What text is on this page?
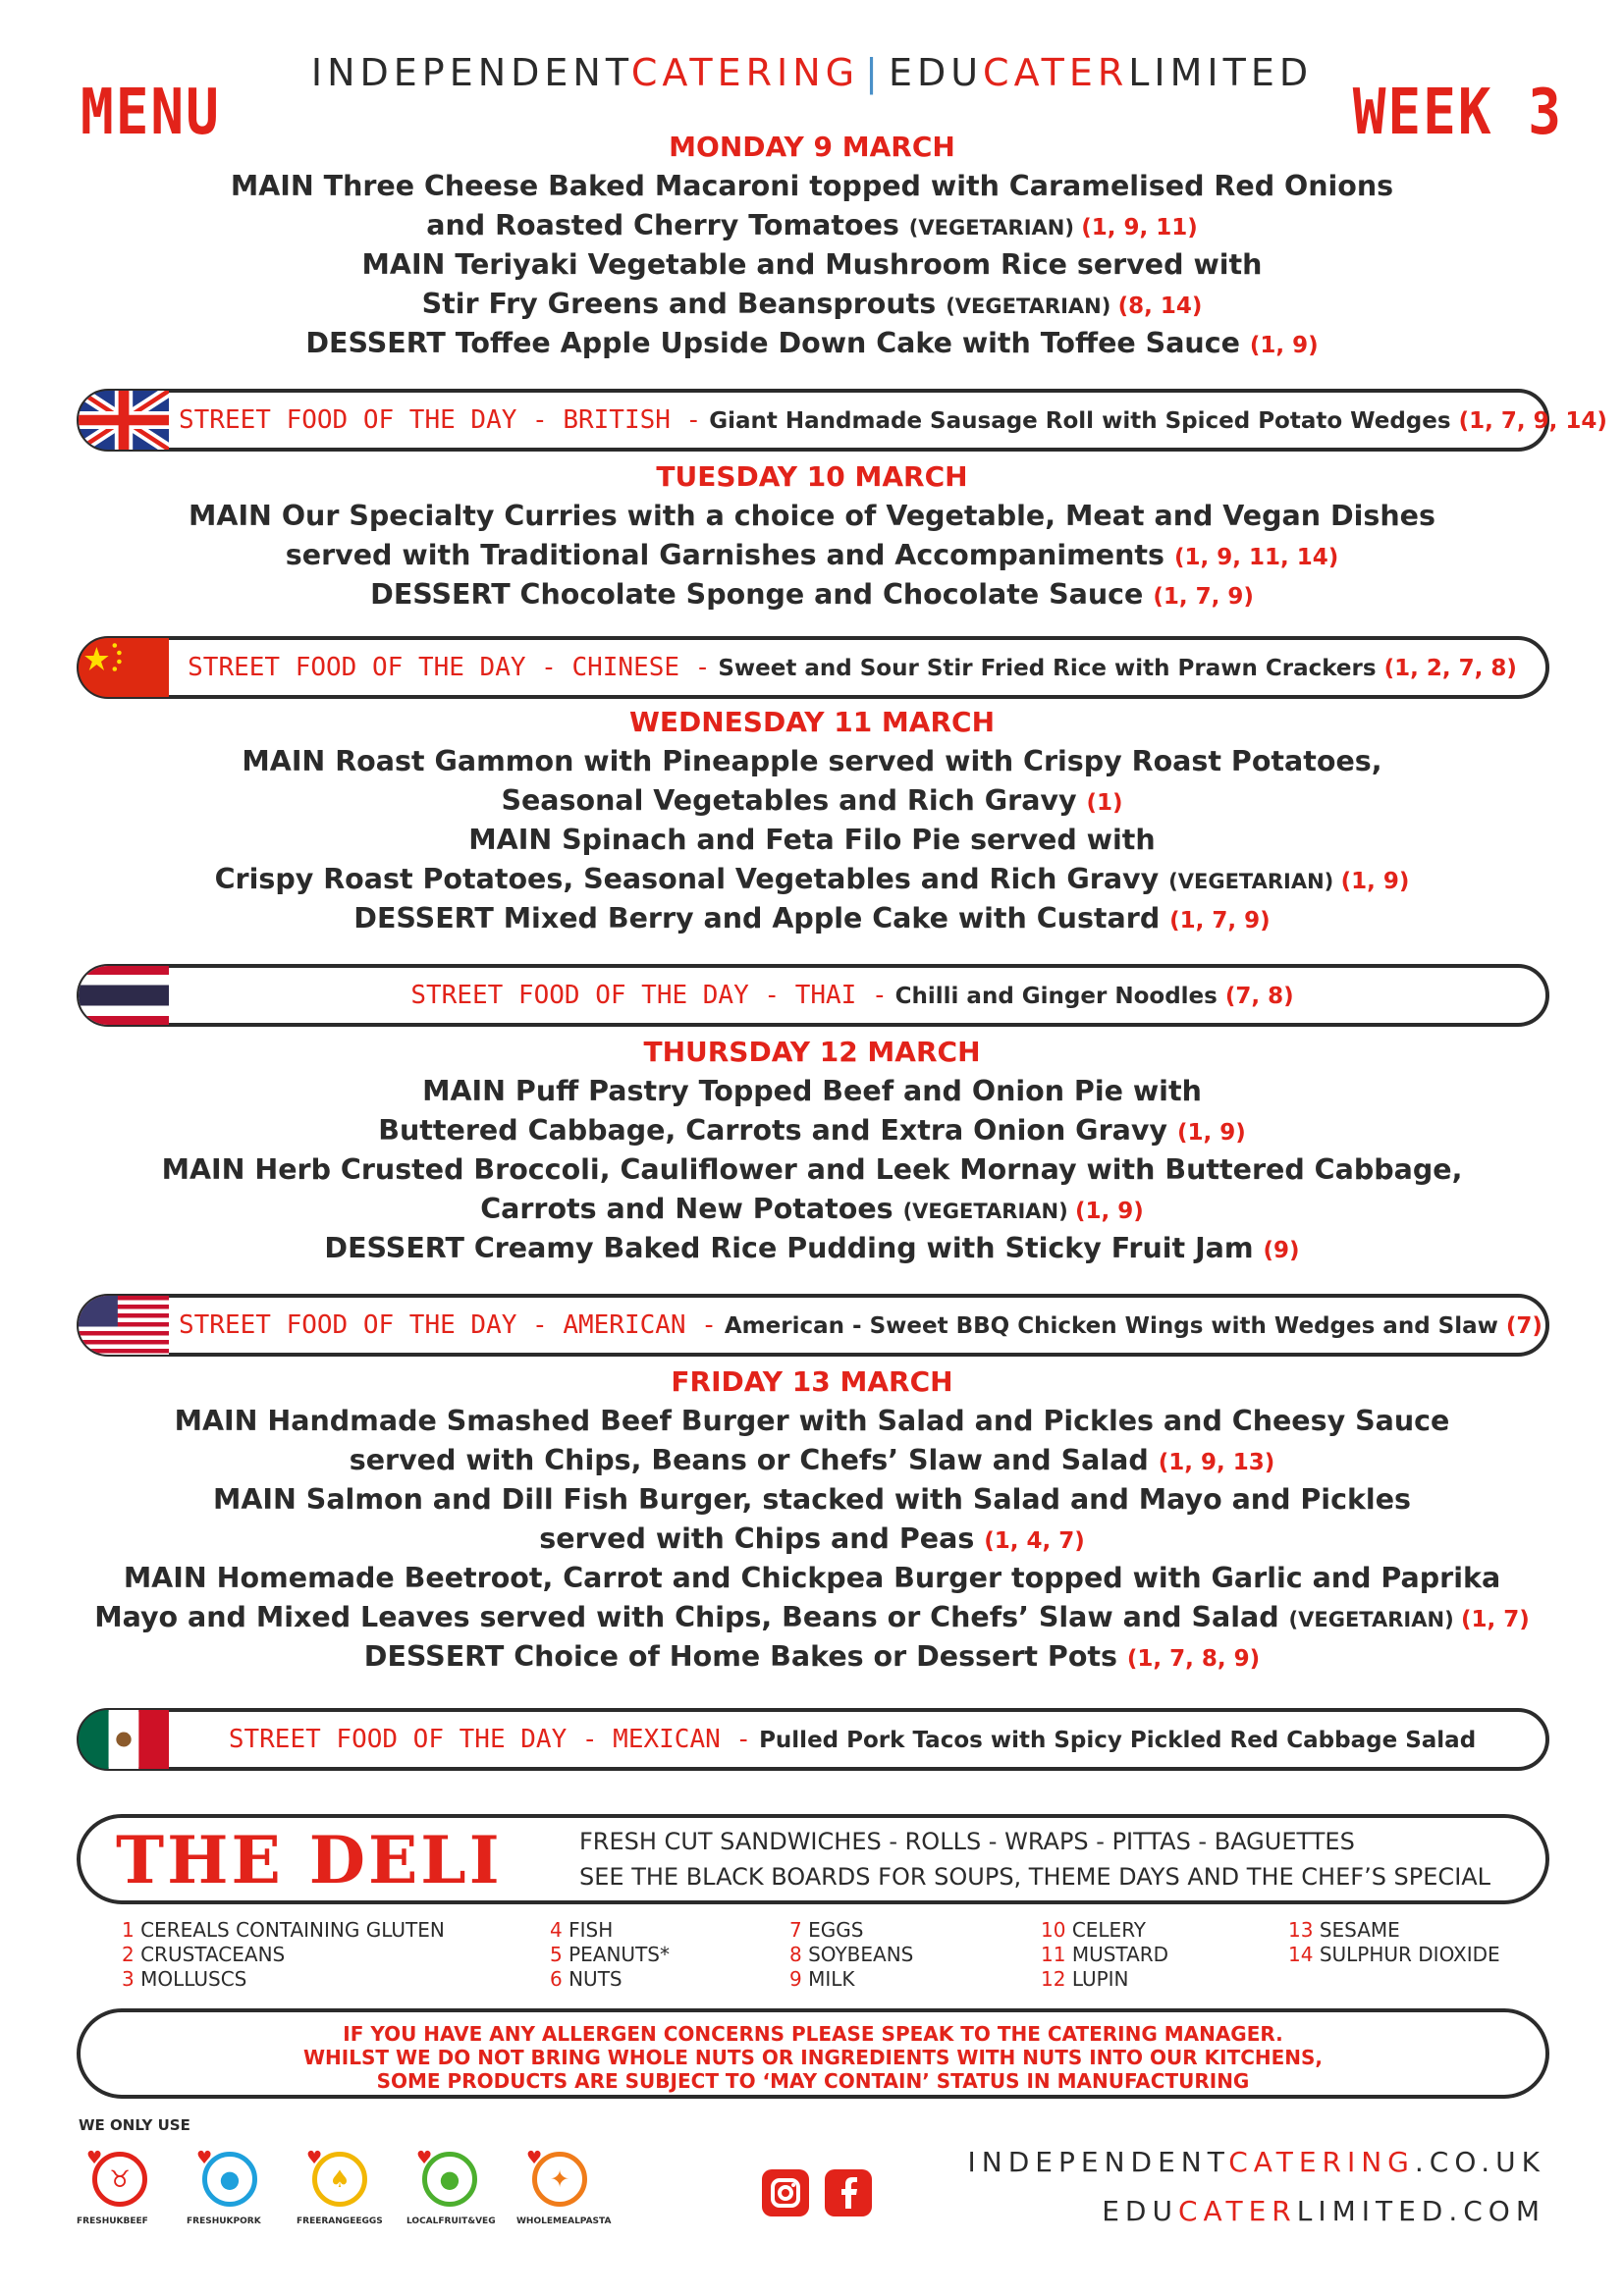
INDEPENDENTCATERING | EDUCATERLIMITED
MENU	WEEK 3
MONDAY 9 MARCH
MAIN Three Cheese Baked Macaroni topped with Caramelised Red Onions
and Roasted Cherry Tomatoes (VEGETARIAN) (1, 9, 11)
MAIN Teriyaki Vegetable and Mushroom Rice served with
Stir Fry Greens and Beansprouts (VEGETARIAN) (8, 14)
DESSERT Toffee Apple Upside Down Cake with Toffee Sauce (1, 9)
TUESDAY 10 MARCH
MAIN Our Specialty Curries with a choice of Vegetable, Meat and Vegan Dishes
served with Traditional Garnishes and Accompaniments (1, 9, 11, 14)
DESSERT Chocolate Sponge and Chocolate Sauce (1, 7, 9)
WEDNESDAY 11 MARCH
MAIN Roast Gammon with Pineapple served with Crispy Roast Potatoes,
Seasonal Vegetables and Rich Gravy (1)
MAIN Spinach and Feta Filo Pie served with
Crispy Roast Potatoes, Seasonal Vegetables and Rich Gravy (VEGETARIAN) (1, 9)
DESSERT Mixed Berry and Apple Cake with Custard (1, 7, 9)
THURSDAY 12 MARCH
MAIN Puff Pastry Topped Beef and Onion Pie with
Buttered Cabbage, Carrots and Extra Onion Gravy (1, 9)
MAIN Herb Crusted Broccoli, Cauliflower and Leek Mornay with Buttered Cabbage,
Carrots and New Potatoes (VEGETARIAN) (1, 9)
DESSERT Creamy Baked Rice Pudding with Sticky Fruit Jam (9)
FRIDAY 13 MARCH
MAIN Handmade Smashed Beef Burger with Salad and Pickles and Cheesy Sauce
served with Chips, Beans or Chefs’ Slaw and Salad (1, 9, 13)
MAIN Salmon and Dill Fish Burger, stacked with Salad and Mayo and Pickles
served with Chips and Peas (1, 4, 7)
MAIN Homemade Beetroot, Carrot and Chickpea Burger topped with Garlic and Paprika
Mayo and Mixed Leaves served with Chips, Beans or Chefs’ Slaw and Salad (VEGETARIAN) (1, 7)
DESSERT Choice of Home Bakes or Dessert Pots (1, 7, 8, 9)
THE DELI	FRESH CUT SANDWICHES - ROLLS - WRAPS - PITTAS - BAGUETTES
SEE THE BLACK BOARDS FOR SOUPS, THEME DAYS AND THE CHEF’S SPECIAL
1 CEREALS CONTAINING GLUTEN
2 CRUSTACEANS
3 MOLLUSCS
4 FISH
5 PEANUTS*
6 NUTS
7 EGGS
8 SOYBEANS
9 MILK
10 CELERY
11 MUSTARD
12 LUPIN
13 SESAME
14 SULPHUR DIOXIDE
IF YOU HAVE ANY ALLERGEN CONCERNS PLEASE SPEAK TO THE CATERING MANAGER.
WHILST WE DO NOT BRING WHOLE NUTS OR INGREDIENTS WITH NUTS INTO OUR KITCHENS,
SOME PRODUCTS ARE SUBJECT TO ‘MAY CONTAIN’ STATUS IN MANUFACTURING
WE ONLY USE
♉
♥
FRESHUKBEEF
●
♥
FRESHUKPORK
♠
♥
FREERANGEEGGS
●
♥
LOCALFRUIT&VEG
✦
♥
WHOLEMEALPASTA
INDEPENDENTCATERING.CO.UK
EDUCATERLIMITED.COM
STREET FOOD OF THE DAY - BRITISH - Giant Handmade Sausage Roll with Spiced Potato Wedges (1, 7, 9, 14)
STREET FOOD OF THE DAY - CHINESE - Sweet and Sour Stir Fried Rice with Prawn Crackers (1, 2, 7, 8)
STREET FOOD OF THE DAY - THAI - Chilli and Ginger Noodles (7, 8)
STREET FOOD OF THE DAY - AMERICAN - American - Sweet BBQ Chicken Wings with Wedges and Slaw (7)
STREET FOOD OF THE DAY - MEXICAN - Pulled Pork Tacos with Spicy Pickled Red Cabbage Salad
